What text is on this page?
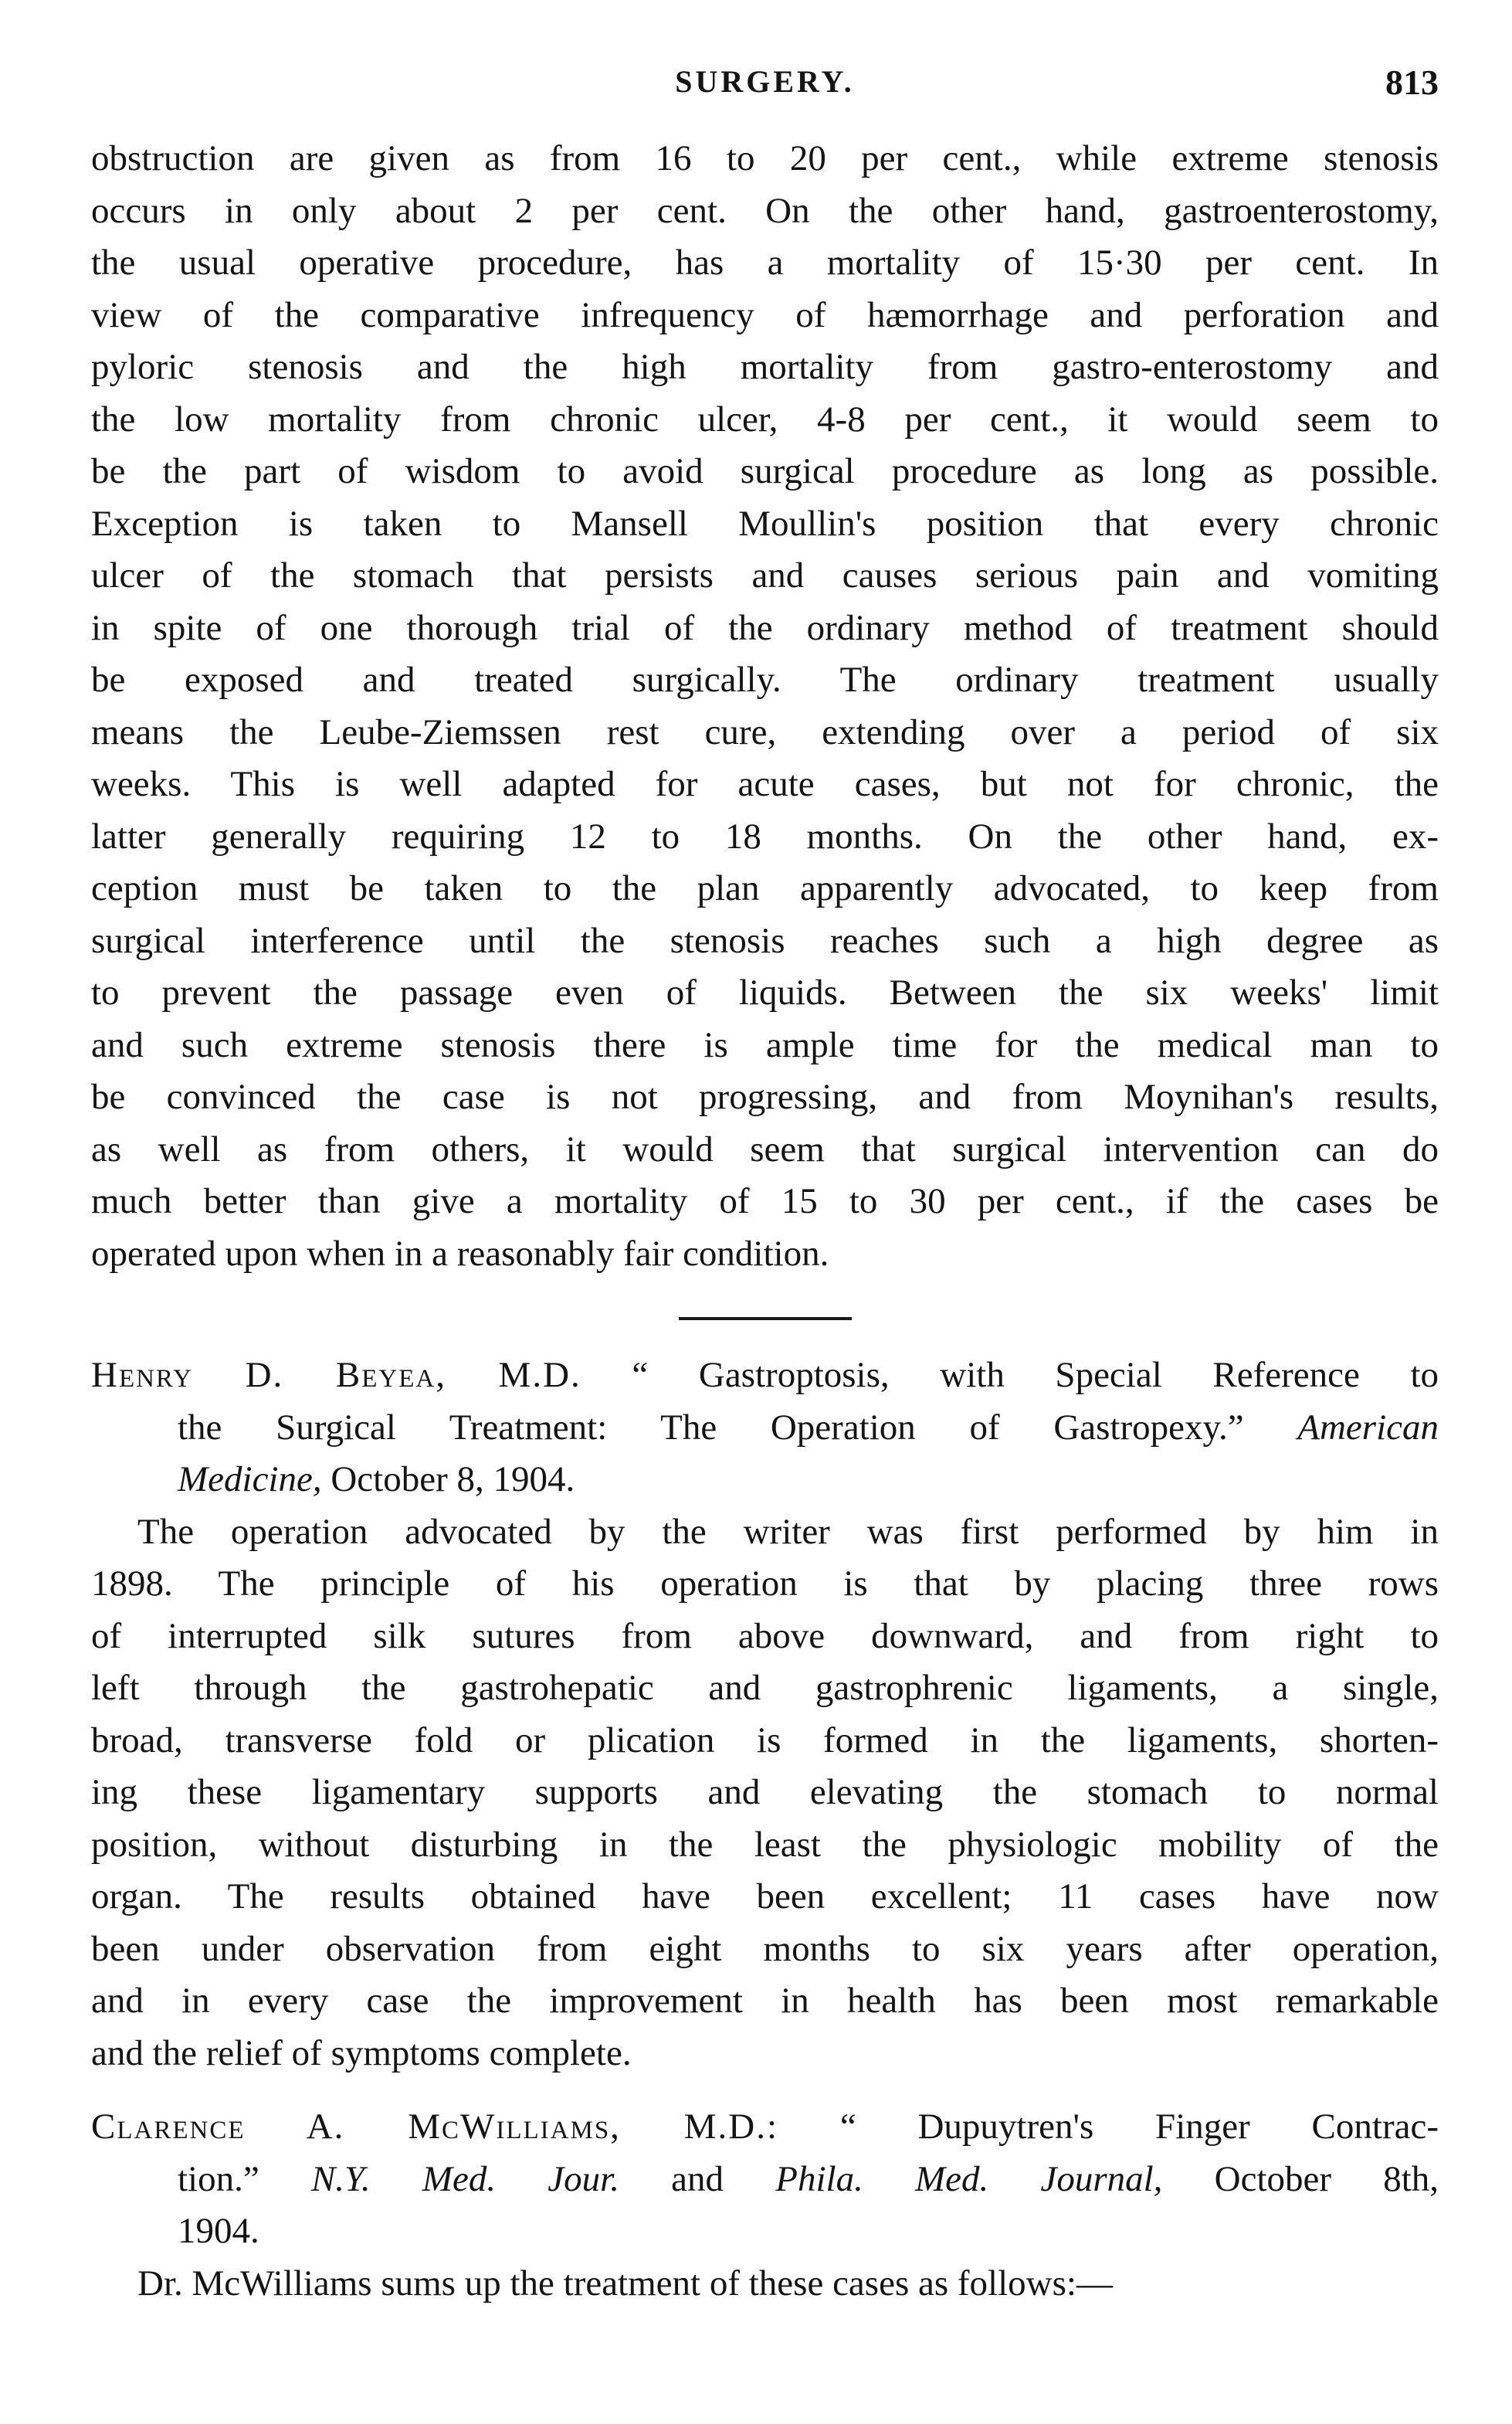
SURGERY.	813
obstruction are given as from 16 to 20 per cent., while extreme stenosis
occurs in only about 2 per cent. On the other hand, gastroenterostomy,
the usual operative procedure, has a mortality of 15·30 per cent. In
view of the comparative infrequency of hæmorrhage and perforation and
pyloric stenosis and the high mortality from gastro-enterostomy and
the low mortality from chronic ulcer, 4-8 per cent., it would seem to
be the part of wisdom to avoid surgical procedure as long as possible.
Exception is taken to Mansell Moullin's position that every chronic
ulcer of the stomach that persists and causes serious pain and vomiting
in spite of one thorough trial of the ordinary method of treatment should
be exposed and treated surgically. The ordinary treatment usually
means the Leube-Ziemssen rest cure, extending over a period of six
weeks. This is well adapted for acute cases, but not for chronic, the
latter generally requiring 12 to 18 months. On the other hand, ex-
ception must be taken to the plan apparently advocated, to keep from
surgical interference until the stenosis reaches such a high degree as
to prevent the passage even of liquids. Between the six weeks' limit
and such extreme stenosis there is ample time for the medical man to
be convinced the case is not progressing, and from Moynihan's results,
as well as from others, it would seem that surgical intervention can do
much better than give a mortality of 15 to 30 per cent., if the cases be
operated upon when in a reasonably fair condition.
Henry D. Beyea, M.D. “ Gastroptosis, with Special Reference to
the Surgical Treatment: The Operation of Gastropexy.” American
Medicine, October 8, 1904.
The operation advocated by the writer was first performed by him in
1898. The principle of his operation is that by placing three rows
of interrupted silk sutures from above downward, and from right to
left through the gastrohepatic and gastrophrenic ligaments, a single,
broad, transverse fold or plication is formed in the ligaments, shorten-
ing these ligamentary supports and elevating the stomach to normal
position, without disturbing in the least the physiologic mobility of the
organ. The results obtained have been excellent; 11 cases have now
been under observation from eight months to six years after operation,
and in every case the improvement in health has been most remarkable
and the relief of symptoms complete.
Clarence A. McWilliams, M.D.: “ Dupuytren's Finger Contrac-
tion.” N.Y. Med. Jour. and Phila. Med. Journal, October 8th,
1904.
Dr. McWilliams sums up the treatment of these cases as follows:—
